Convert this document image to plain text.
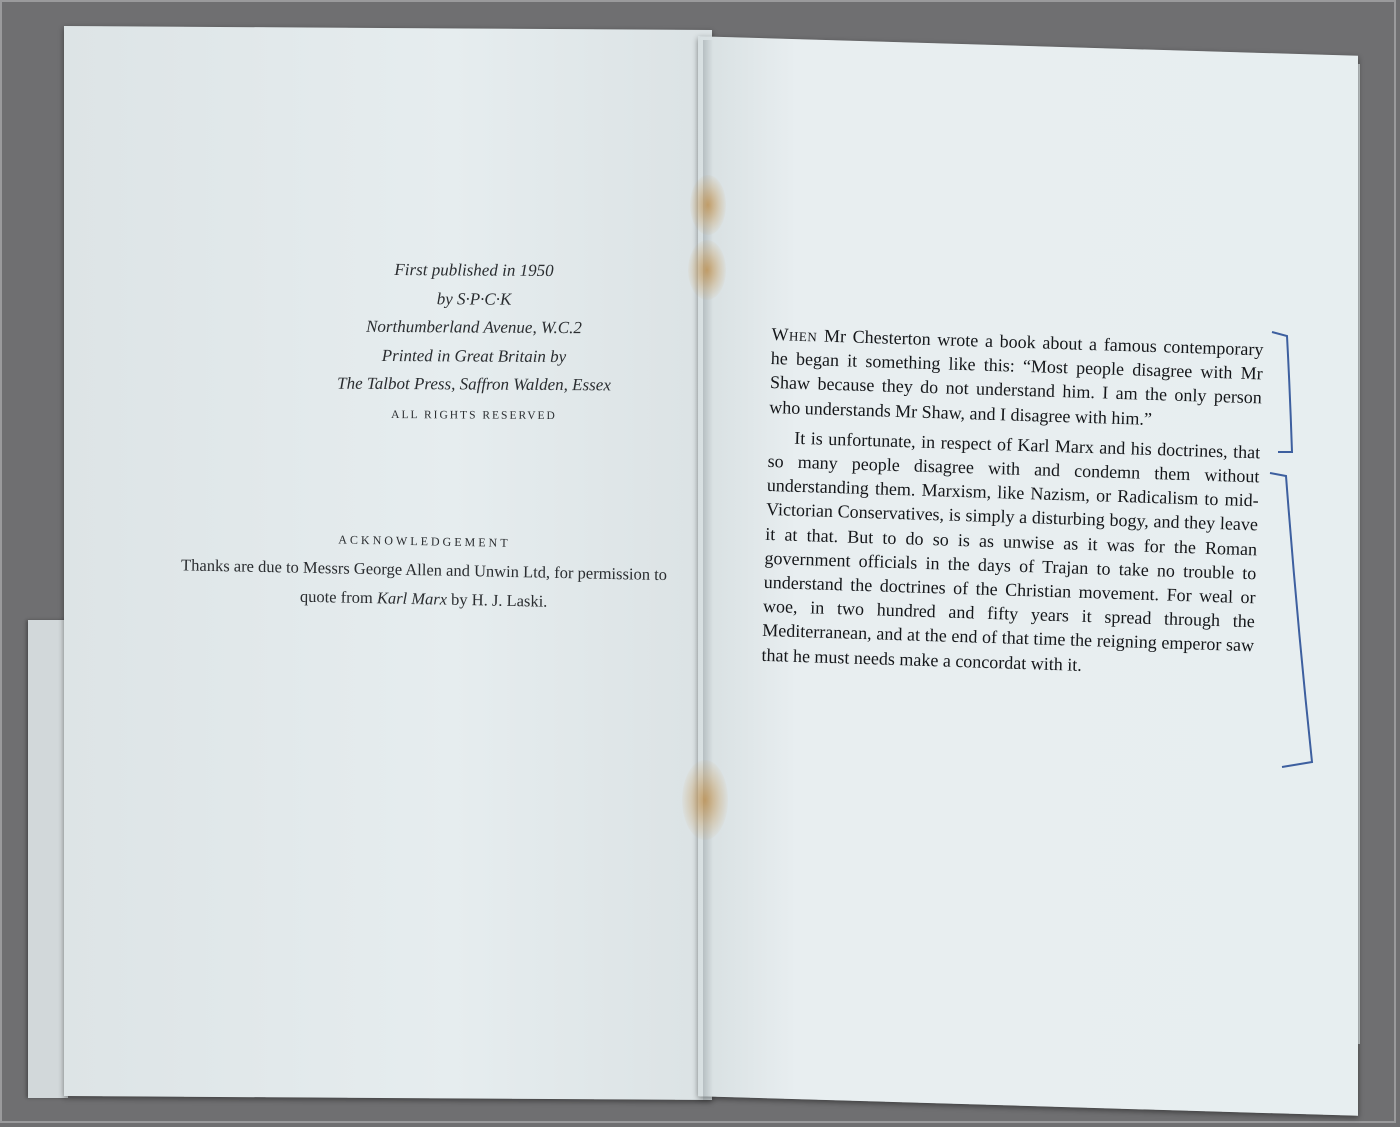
First published in 1950
by S·P·C·K
Northumberland Avenue, W.C.2
Printed in Great Britain by
The Talbot Press, Saffron Walden, Essex
ALL RIGHTS RESERVED
ACKNOWLEDGEMENT
Thanks are due to Messrs George Allen and Unwin Ltd, for permission to quote from Karl Marx by H. J. Laski.

When Mr Chesterton wrote a book about a famous contemporary he began it something like this: “Most people disagree with Mr Shaw because they do not understand him. I am the only person who understands Mr Shaw, and I disagree with him.”

It is unfortunate, in respect of Karl Marx and his doctrines, that so many people disagree with and condemn them without understanding them. Marxism, like Nazism, or Radicalism to mid-Victorian Conservatives, is simply a disturbing bogy, and they leave it at that. But to do so is as unwise as it was for the Roman government officials in the days of Trajan to take no trouble to understand the doctrines of the Christian movement. For weal or woe, in two hundred and fifty years it spread through the Mediterranean, and at the end of that time the reigning emperor saw that he must needs make a concordat with it.
